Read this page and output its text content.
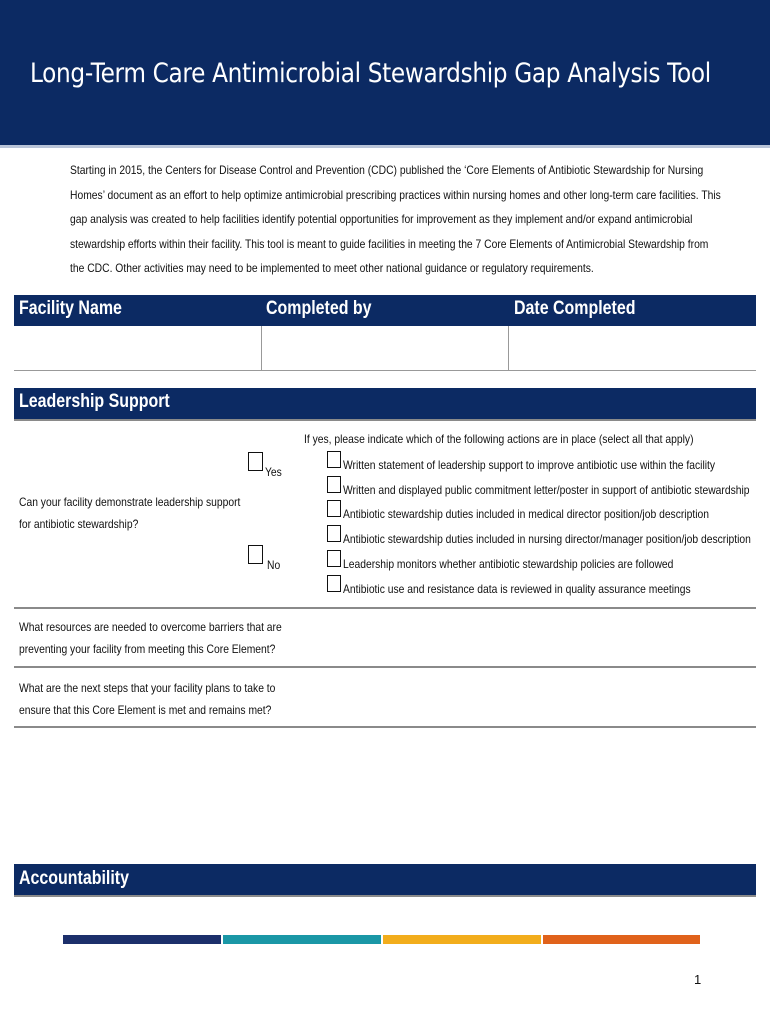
Long-Term Care Antimicrobial Stewardship Gap Analysis Tool
Starting in 2015, the Centers for Disease Control and Prevention (CDC) published the ‘Core Elements of Antibiotic Stewardship for Nursing
Homes’ document as an effort to help optimize antimicrobial prescribing practices within nursing homes and other long-term care facilities. This
gap analysis was created to help facilities identify potential opportunities for improvement as they implement and/or expand antimicrobial
stewardship efforts within their facility. This tool is meant to guide facilities in meeting the 7 Core Elements of Antimicrobial Stewardship from
the CDC. Other activities may need to be implemented to meet other national guidance or regulatory requirements.
Facility Name	Completed by	Date Completed
Leadership Support
Can your facility demonstrate leadership support
for antibiotic stewardship?
Yes
No
If yes, please indicate which of the following actions are in place (select all that apply)
Written statement of leadership support to improve antibiotic use within the facility
Written and displayed public commitment letter/poster in support of antibiotic stewardship
Antibiotic stewardship duties included in medical director position/job description
Antibiotic stewardship duties included in nursing director/manager position/job description
Leadership monitors whether antibiotic stewardship policies are followed
Antibiotic use and resistance data is reviewed in quality assurance meetings
What resources are needed to overcome barriers that are
preventing your facility from meeting this Core Element?
What are the next steps that your facility plans to take to
ensure that this Core Element is met and remains met?
Accountability
1
